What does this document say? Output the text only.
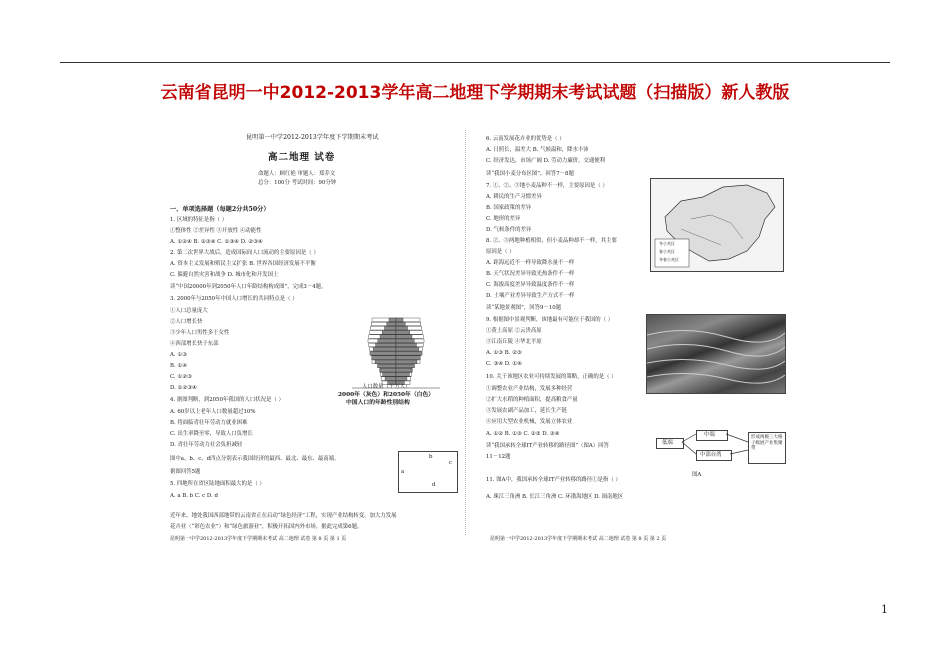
云南省昆明一中2012-2013学年高二地理下学期期末考试试题（扫描版）新人教版
昆明第一中学2012-2013学年度下学期期末考试
高二地理 试卷
命题人：顾红艳 审题人：郑乔文
总分：100分 考试时间：90分钟
一、单项选择题（每题2分共50分）
1. 区域的特征是指（ ）
①整体性 ②差异性 ③开放性 ④动能性
A. ①②④ B. ②③④ C. ①③④ D. ②③④
2. 第二次世界大战后，造成国际间人口流动的主要原因是（ ）
A. 资本主义发展和殖民主义扩张 B. 世界各国经济发展不平衡
C. 躲避自然灾害和战争 D. 城市化和开发国土
读“中国20000年到2050年人口年龄结构构成图”，完成3－4题。
3. 2000年与2050年中国人口增长的共同特点是（ ）
①人口总量庞大
②人口增长快
③少年人口男性多于女性
④西部增长快于东部
A. ①③
B. ①④
C. ①②③
D. ①②③④
4. 据图判断，到2050年我国的人口状况是（ ）
A. 60岁以上老年人口数量超过10%
B. 将面临青壮年劳动力就业困难
C. 出生率降至零，导致人口负增长
D. 青壮年劳动力社会负担减轻
图中a、b、c、d四点分别表示我国经济的最西、最北、最东、最南端。
据图回答5题
5. 四地所在省区陆地面积最大的是（ ）
A. a B. b C. c D. d
近年来，地处我国西部地带的云南省正在启动“绿色经济”工程，实现产业结构转变。加大力发展
花卉业（“彩色农业”）和“绿色旅游业”，积极开拓国内外市场。据此完成第6题。
人口数量（千万人）
2000年（灰色）和2050年（白色）
中国人口的年龄性别结构
b
a
c
d
6. 云南发展花卉业的优势是（ ）
A. 日照长，温差大 B. 气候温和，降水丰沛
C. 经济发达，市场广阔 D. 劳动力廉价，交通便利
读“我国小麦分布区图”，回答7－8题
7. ①、②、③地小麦品种不一样，主要原因是（ ）
A. 耕民的生产习惯差异
B. 国家政策的差异
C. 地形的差异
D. 气候条件的差异
8. ②、③两地种植相似，但小麦品种却不一样，其主要
原因是（ ）
A. 距海远近不一样导致降水量不一样
B. 天气状况差异导致光热条件不一样
C. 海拔高度差异导致温度条件不一样
D. 土壤产业差异导致生产方式不一样
读“某地景观图”，回答9－10题
9. 根据图中景观判断，该地最有可能位于我国的（ ）
①黄土高原 ②云贵高原
③江南丘陵 ④华北平原
A. ①③ B. ②③
C. ③④ D. ①④
10. 关于该地区农业可持续发展的策略，正确的是（ ）
①调整农业产业结构，发展多种经营
②扩大水稻的种植面积，提高粮食产量
③发展农副产品加工，延长生产链
④应用大型农业机械，发展立体农业
A. ①② B. ①③ C. ②③ D. ③④
读“我国承转全球IT产业转移的路径图”（图A）回答
11－12题
11. 图A中，我国承转全球IT产业转移的路径①是指（ ）
A. 珠江三角洲 B. 长江三角洲 C. 环渤海地区 D. 闽南地区
冬小麦区
春小麦区
冬春小麦区
低端
中端
中部台湾
形成两极三大格子级展产业集聚带
图A
昆明第一中学2012-2013学年度下学期期末考试 高二地理 试卷 第 8 页 第 1 页	昆明第一中学2012-2013学年度下学期期末考试 高二地理 试卷 第 8 页 第 2 页
1
